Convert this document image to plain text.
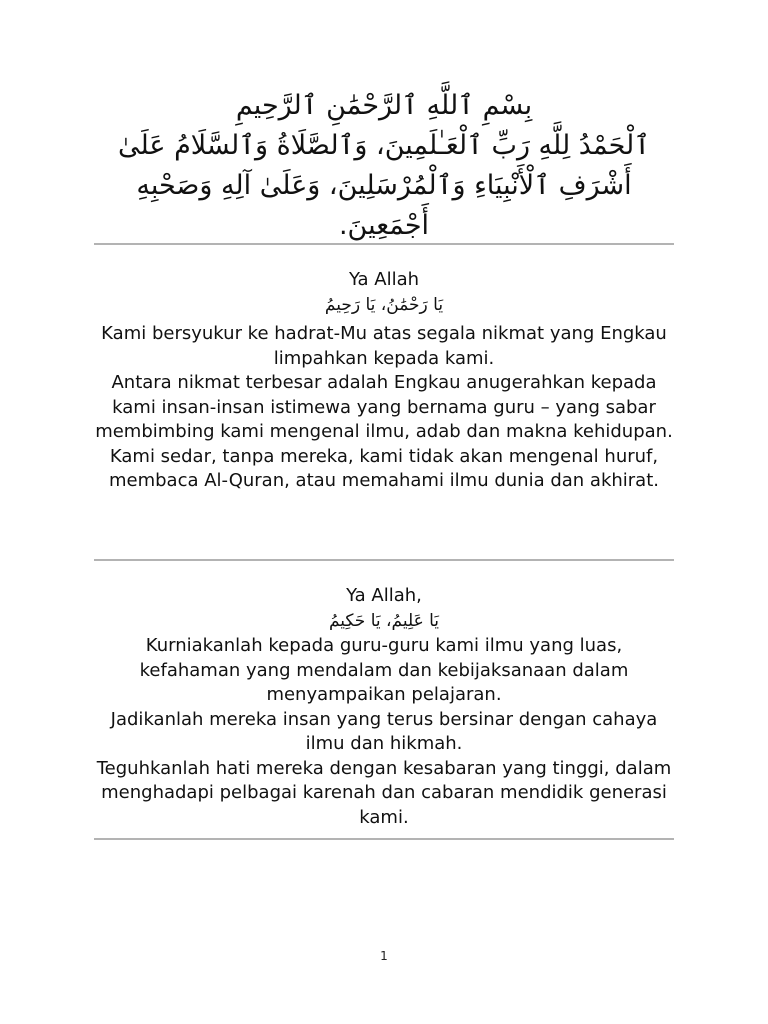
بِسْمِ ٱللَّهِ ٱلرَّحْمَٰنِ ٱلرَّحِيمِ
ٱلْحَمْدُ لِلَّهِ رَبِّ ٱلْعَـٰلَمِينَ، وَٱلصَّلَاةُ وَٱلسَّلَامُ عَلَىٰ
أَشْرَفِ ٱلْأَنْبِيَاءِ وَٱلْمُرْسَلِينَ، وَعَلَىٰ آلِهِ وَصَحْبِهِ
أَجْمَعِينَ.

Ya Allah

يَا رَحْمَٰنُ، يَا رَحِيمُ

Kami bersyukur ke hadrat-Mu atas segala nikmat yang Engkau limpahkan kepada kami.

Antara nikmat terbesar adalah Engkau anugerahkan kepada kami insan-insan istimewa yang bernama guru – yang sabar membimbing kami mengenal ilmu, adab dan makna kehidupan.

Kami sedar, tanpa mereka, kami tidak akan mengenal huruf, membaca Al-Quran, atau memahami ilmu dunia dan akhirat.

Ya Allah,

يَا عَلِيمُ، يَا حَكِيمُ

Kurniakanlah kepada guru-guru kami ilmu yang luas, kefahaman yang mendalam dan kebijaksanaan dalam menyampaikan pelajaran.

Jadikanlah mereka insan yang terus bersinar dengan cahaya ilmu dan hikmah.

Teguhkanlah hati mereka dengan kesabaran yang tinggi, dalam menghadapi pelbagai karenah dan cabaran mendidik generasi kami.

1
